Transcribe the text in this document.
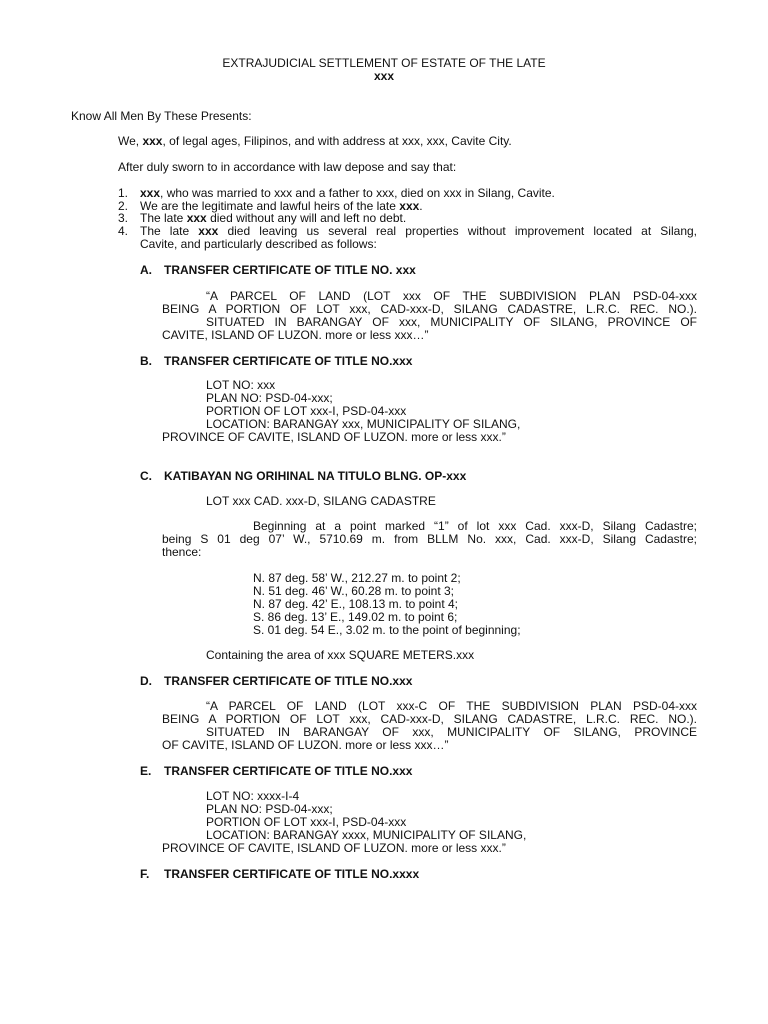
EXTRAJUDICIAL SETTLEMENT OF ESTATE OF THE LATE
xxx
Know All Men By These Presents:
We, xxx, of legal ages, Filipinos, and with address at xxx, xxx, Cavite City.
After duly sworn to in accordance with law depose and say that:
1. xxx, who was married to xxx and a father to xxx, died on xxx in Silang, Cavite.
2. We are the legitimate and lawful heirs of the late xxx.
3. The late xxx died without any will and left no debt.
4. The late xxx died leaving us several real properties without improvement located at Silang,
Cavite, and particularly described as follows:
A. TRANSFER CERTIFICATE OF TITLE NO. xxx
“A PARCEL OF LAND (LOT xxx OF THE SUBDIVISION PLAN PSD-04-xxx
BEING A PORTION OF LOT xxx, CAD-xxx-D, SILANG CADASTRE, L.R.C. REC. NO.).
SITUATED IN BARANGAY OF xxx, MUNICIPALITY OF SILANG, PROVINCE OF
CAVITE, ISLAND OF LUZON. more or less xxx…”
B. TRANSFER CERTIFICATE OF TITLE NO.xxx
LOT NO: xxx
PLAN NO: PSD-04-xxx;
PORTION OF LOT xxx-I, PSD-04-xxx
LOCATION: BARANGAY xxx, MUNICIPALITY OF SILANG,
PROVINCE OF CAVITE, ISLAND OF LUZON. more or less xxx.”
C. KATIBAYAN NG ORIHINAL NA TITULO BLNG. OP-xxx
LOT xxx CAD. xxx-D, SILANG CADASTRE
Beginning at a point marked “1” of lot xxx Cad. xxx-D, Silang Cadastre;
being S 01 deg 07’ W., 5710.69 m. from BLLM No. xxx, Cad. xxx-D, Silang Cadastre;
thence:
N. 87 deg. 58’ W., 212.27 m. to point 2;
N. 51 deg. 46’ W., 60.28 m. to point 3;
N. 87 deg. 42’ E., 108.13 m. to point 4;
S. 86 deg. 13’ E., 149.02 m. to point 6;
S. 01 deg. 54 E., 3.02 m. to the point of beginning;
Containing the area of xxx SQUARE METERS.xxx
D. TRANSFER CERTIFICATE OF TITLE NO.xxx
“A PARCEL OF LAND (LOT xxx-C OF THE SUBDIVISION PLAN PSD-04-xxx
BEING A PORTION OF LOT xxx, CAD-xxx-D, SILANG CADASTRE, L.R.C. REC. NO.).
SITUATED IN BARANGAY OF xxx, MUNICIPALITY OF SILANG, PROVINCE
OF CAVITE, ISLAND OF LUZON. more or less xxx…”
E. TRANSFER CERTIFICATE OF TITLE NO.xxx
LOT NO: xxxx-I-4
PLAN NO: PSD-04-xxx;
PORTION OF LOT xxx-I, PSD-04-xxx
LOCATION: BARANGAY xxxx, MUNICIPALITY OF SILANG,
PROVINCE OF CAVITE, ISLAND OF LUZON. more or less xxx.”
F. TRANSFER CERTIFICATE OF TITLE NO.xxxx
